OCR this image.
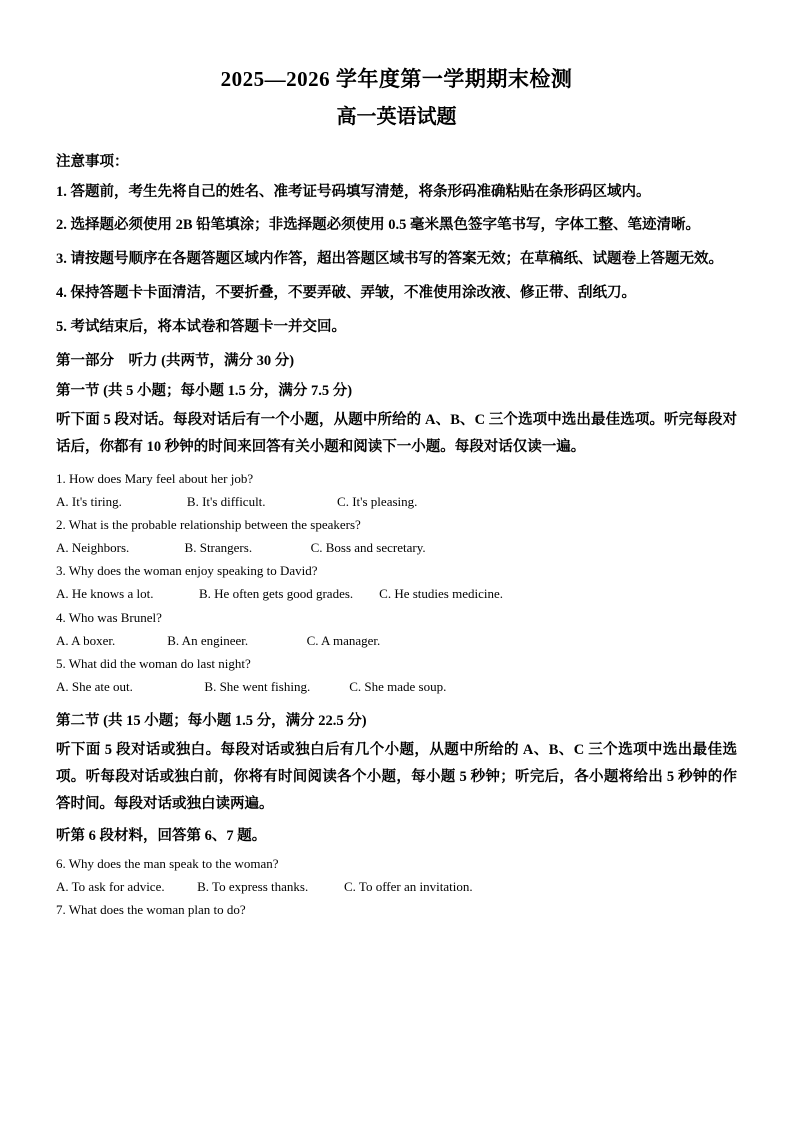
2025—2026 学年度第一学期期末检测
高一英语试题
注意事项：
1. 答题前，考生先将自己的姓名、准考证号码填写清楚，将条形码准确粘贴在条形码区域内。
2. 选择题必须使用 2B 铅笔填涂；非选择题必须使用 0.5 毫米黑色签字笔书写，字体工整、笔迹清晰。
3. 请按题号顺序在各题答题区域内作答，超出答题区域书写的答案无效；在草稿纸、试题卷上答题无效。
4. 保持答题卡卡面清洁，不要折叠，不要弄破、弄皱，不准使用涂改液、修正带、刮纸刀。
5. 考试结束后，将本试卷和答题卡一并交回。
第一部分　听力 (共两节，满分 30 分)
第一节 (共 5 小题；每小题 1.5 分，满分 7.5 分)
听下面 5 段对话。每段对话后有一个小题，从题中所给的 A、B、C 三个选项中选出最佳选项。听完每段对话后，你都有 10 秒钟的时间来回答有关小题和阅读下一小题。每段对话仅读一遍。
1. How does Mary feel about her job?
A. It's tiring.                    B. It's difficult.                      C. It's pleasing.
2. What is the probable relationship between the speakers?
A. Neighbors.                 B. Strangers.                  C. Boss and secretary.
3. Why does the woman enjoy speaking to David?
A. He knows a lot.              B. He often gets good grades.        C. He studies medicine.
4. Who was Brunel?
A. A boxer.                B. An engineer.                  C. A manager.
5. What did the woman do last night?
A. She ate out.                      B. She went fishing.            C. She made soup.
第二节 (共 15 小题；每小题 1.5 分，满分 22.5 分)
听下面 5 段对话或独白。每段对话或独白后有几个小题，从题中所给的 A、B、C 三个选项中选出最佳选项。听每段对话或独白前，你将有时间阅读各个小题，每小题 5 秒钟；听完后，各小题将给出 5 秒钟的作答时间。每段对话或独白读两遍。
听第 6 段材料，回答第 6、7 题。
6. Why does the man speak to the woman?
A. To ask for advice.          B. To express thanks.           C. To offer an invitation.
7. What does the woman plan to do?
